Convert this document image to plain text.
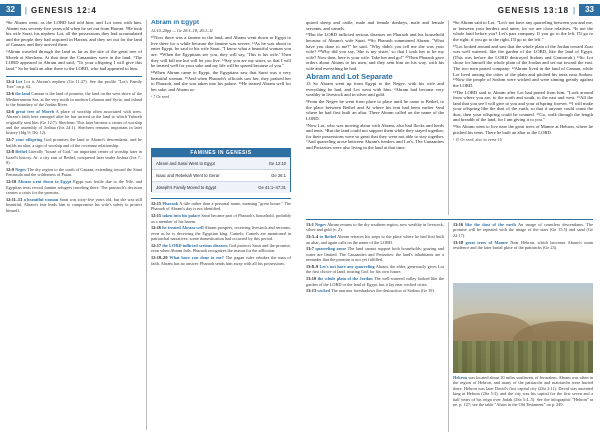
32	| GENESIS 12:4	GENESIS 13:18 |	33

⁴So Abram went, as the LORD had told him; and Lot went with him. Abram was seventy-five years old when he set out from Harran. ⁵He took his wife Sarai, his nephew Lot, all the possessions they had accumulated and the people they had acquired in Harran, and they set out for the land of Canaan, and they arrived there.

⁶Abram traveled through the land as far as the site of the great tree of Moreh at Shechem. At that time the Canaanites were in the land. ⁷The LORD appeared to Abram and said, "To your offspring I will give this land." So he built an altar there to the LORD, who had appeared to him.

12:4 Lot Lot is Abram's nephew (Ge 11:27). See the profile "Lot's Family Tree" on p. 62.

12:6 the land Canaan is the land of promise, the land on the west shore of the Mediterranean Sea, at the very north in modern Lebanon and Syria, and inland to the boundary of the Jordan River.

12:6 great tree of Moreh A place of worship often associated with trees. Abram's faith here emerged after he has arrived in the land to which Yahweh originally sent him (Ge 12:7). Shechem: This later became a center of worship and the assembly of Joshua (Jos 24:1). Shechem remains important in later history (Jdg 9; 1Ki 12).

12:7 your offspring God promises the land to Abram's descendants, and he builds an altar, a sign of worship and of the covenant relationship.

12:8 Bethel Literally "house of God," an important center of worship later in Israel's history. Ai: a city east of Bethel, conquered later under Joshua (Jos 7–8).

12:9 Negev The dry region to the south of Canaan, extending toward the Sinai Peninsula and the wilderness of Paran.

12:10 Abram went down to Egypt Egypt was fertile due to the Nile, and Egyptian texts record famine refugees traveling there. The patriarch's decision creates a crisis for the promise.

12:11–13 a beautiful woman Sarai was sixty-five years old, but she was still beautiful. Abram's fear leads him to compromise his wife's safety to protect himself.

Abram in Egypt

12:10–20pp — Ge 20:1–18; 26:1–11

¹⁰Now there was a famine in the land, and Abram went down to Egypt to live there for a while because the famine was severe. ¹¹As he was about to enter Egypt, he said to his wife Sarai, "I know what a beautiful woman you are. ¹²When the Egyptians see you, they will say, 'This is his wife.' Then they will kill me but will let you live. ¹³Say you are my sister, so that I will be treated well for your sake and my life will be spared because of you."

¹⁴When Abram came to Egypt, the Egyptians saw that Sarai was a very beautiful woman. ¹⁵And when Pharaoh's officials saw her, they praised her to Pharaoh, and she was taken into his palace. ¹⁶He treated Abram well for her sake, and Abram ac-

ᵃ 7 Or seed

FAMINES IN GENESIS
Abram and Sarai Went to Egypt	Ge 12:10
Isaac and Rebekah Went to Gerar	Ge 26:1
Joseph's Family Moved to Egypt	Ge 41:1–47:31

12:15 Pharaoh A title rather than a personal name, meaning "great house." The Pharaoh of Abram's day is not identified.

12:15 taken into his palace Sarai became part of Pharaoh's household, probably as a member of his harem.

12:16 he treated Abram well Abram prospers, receiving livestock and servants, even as he is deceiving the Egyptian king. Camels: Camels are mentioned in patriarchal narratives; some domestication had occurred by this period.

12:17 the LORD inflicted serious diseases God protects Sarai and the promise, even when Abram fails. Pharaoh recognizes the reason for the affliction.

12:18–20 What have you done to me? The pagan ruler rebukes the man of faith. Abram has no answer. Pharaoh sends him away with all his possessions.

quired sheep and cattle, male and female donkeys, male and female servants, and camels.

¹⁷But the LORD inflicted serious diseases on Pharaoh and his household because of Abram's wife Sarai. ¹⁸So Pharaoh summoned Abram. "What have you done to me?" he said. "Why didn't you tell me she was your wife? ¹⁹Why did you say, 'She is my sister,' so that I took her to be my wife? Now then, here is your wife. Take her and go!" ²⁰Then Pharaoh gave orders about Abram to his men, and they sent him on his way, with his wife and everything he had.

Abram and Lot Separate

13 So Abram went up from Egypt to the Negev, with his wife and everything he had, and Lot went with him. ²Abram had become very wealthy in livestock and in silver and gold.

³From the Negev he went from place to place until he came to Bethel, to the place between Bethel and Ai where his tent had been earlier ⁴and where he had first built an altar. There Abram called on the name of the LORD.

⁵Now Lot, who was moving about with Abram, also had flocks and herds and tents. ⁶But the land could not support them while they stayed together, for their possessions were so great that they were not able to stay together. ⁷And quarreling arose between Abram's herders and Lot's. The Canaanites and Perizzites were also living in the land at that time.

⁸So Abram said to Lot, "Let's not have any quarreling between you and me, or between your herders and mine, for we are close relatives. ⁹Is not the whole land before you? Let's part company. If you go to the left, I'll go to the right; if you go to the right, I'll go to the left."

¹⁰Lot looked around and saw that the whole plain of the Jordan toward Zoar was well watered, like the garden of the LORD, like the land of Egypt. (This was before the LORD destroyed Sodom and Gomorrah.) ¹¹So Lot chose for himself the whole plain of the Jordan and set out toward the east. The two men parted company: ¹²Abram lived in the land of Canaan, while Lot lived among the cities of the plain and pitched his tents near Sodom. ¹³Now the people of Sodom were wicked and were sinning greatly against the LORD.

¹⁴The LORD said to Abram after Lot had parted from him, "Look around from where you are, to the north and south, to the east and west. ¹⁵All the land that you see I will give to you and your offspring forever. ¹⁶I will make your offspring like the dust of the earth, so that if anyone could count the dust, then your offspring could be counted. ¹⁷Go, walk through the length and breadth of the land, for I am giving it to you."

¹⁸So Abram went to live near the great trees of Mamre at Hebron, where he pitched his tents. There he built an altar to the LORD.

ᵃ 15 Or seed; also in verse 16

13:1 Negev Abram returns to the dry southern region, now wealthy in livestock, silver and gold (v. 2).

13:3–4 to Bethel Abram retraces his steps to the place where he had first built an altar, and again calls on the name of the LORD.

13:7 quarreling arose The land cannot support both households; grazing and water are limited. The Canaanites and Perizzites: the land's inhabitants are a reminder that the promise is not yet fulfilled.

13:8–9 Let's not have any quarreling Abram, the elder, generously gives Lot the first choice of land, trusting God for his own future.

13:10 the whole plain of the Jordan The well-watered valley looked like the garden of the LORD or the land of Egypt, but it lay near wicked cities.

13:13 wicked The narrator foreshadows the destruction of Sodom (Ge 19).

13:16 like the dust of the earth An image of countless descendants. The promise will be repeated with the image of the stars (Ge 15:5) and sand (Ge 22:17).

13:18 great trees of Mamre Near Hebron, which becomes Abram's main residence and the later burial place of the patriarchs (Ge 23).

Hebron was located about 20 miles southwest of Jerusalem. Abram was often in the region of Hebron, and many of the patriarchs and matriarchs were buried there. Hebron was later David's first capital city (2Sa 2:11). David was anointed king at Hebron (2Sa 5:3), and the city was his capital for the first seven and a half years of his reign over Judah (2Sa 5:4–5). See the infographic "Hebron" at ne. p. 127; see the table "Altars in the Old Testament" on p. 249.
